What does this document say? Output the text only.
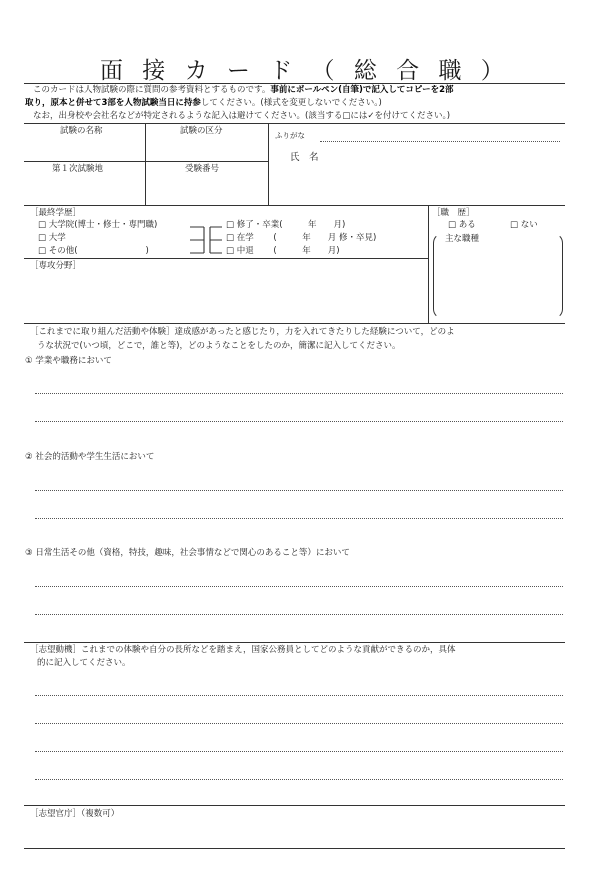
面 接 カ ー ド （ 総 合 職 ）
このカードは人物試験の際に質問の参考資料とするものです。事前にボールペン(自筆)で記入してコピーを2部
取り，原本と併せて3部を人物試験当日に持参してください。(様式を変更しないでください。)
なお，出身校や会社名などが特定されるような記入は避けてください。(該当する□には✓を付けてください。)
試験の名称	試験の区分	ふりがな
氏　名
第１次試験地	受験番号
［最終学歴］
□ 大学院(博士・修士・専門職)
□ 大学
□ その他(　　　　　　　　)
□ 修了・卒業(　　　年　　月)
□ 在学　　 (　　　年　　月 修・卒見)
□ 中退　　 (　　　年　　月)
［専攻分野］
［職　歴］
□ ある	□ ない
主な職種
［これまでに取り組んだ活動や体験］達成感があったと感じたり，力を入れてきたりした経験について，どのよ
うな状況で(いつ頃，どこで，誰と等)，どのようなことをしたのか，簡潔に記入してください。
① 学業や職務において
② 社会的活動や学生生活において
③ 日常生活その他（資格，特技，趣味，社会事情などで関心のあること等）において
［志望動機］これまでの体験や自分の長所などを踏まえ，国家公務員としてどのような貢献ができるのか，具体
的に記入してください。
［志望官庁］（複数可）
